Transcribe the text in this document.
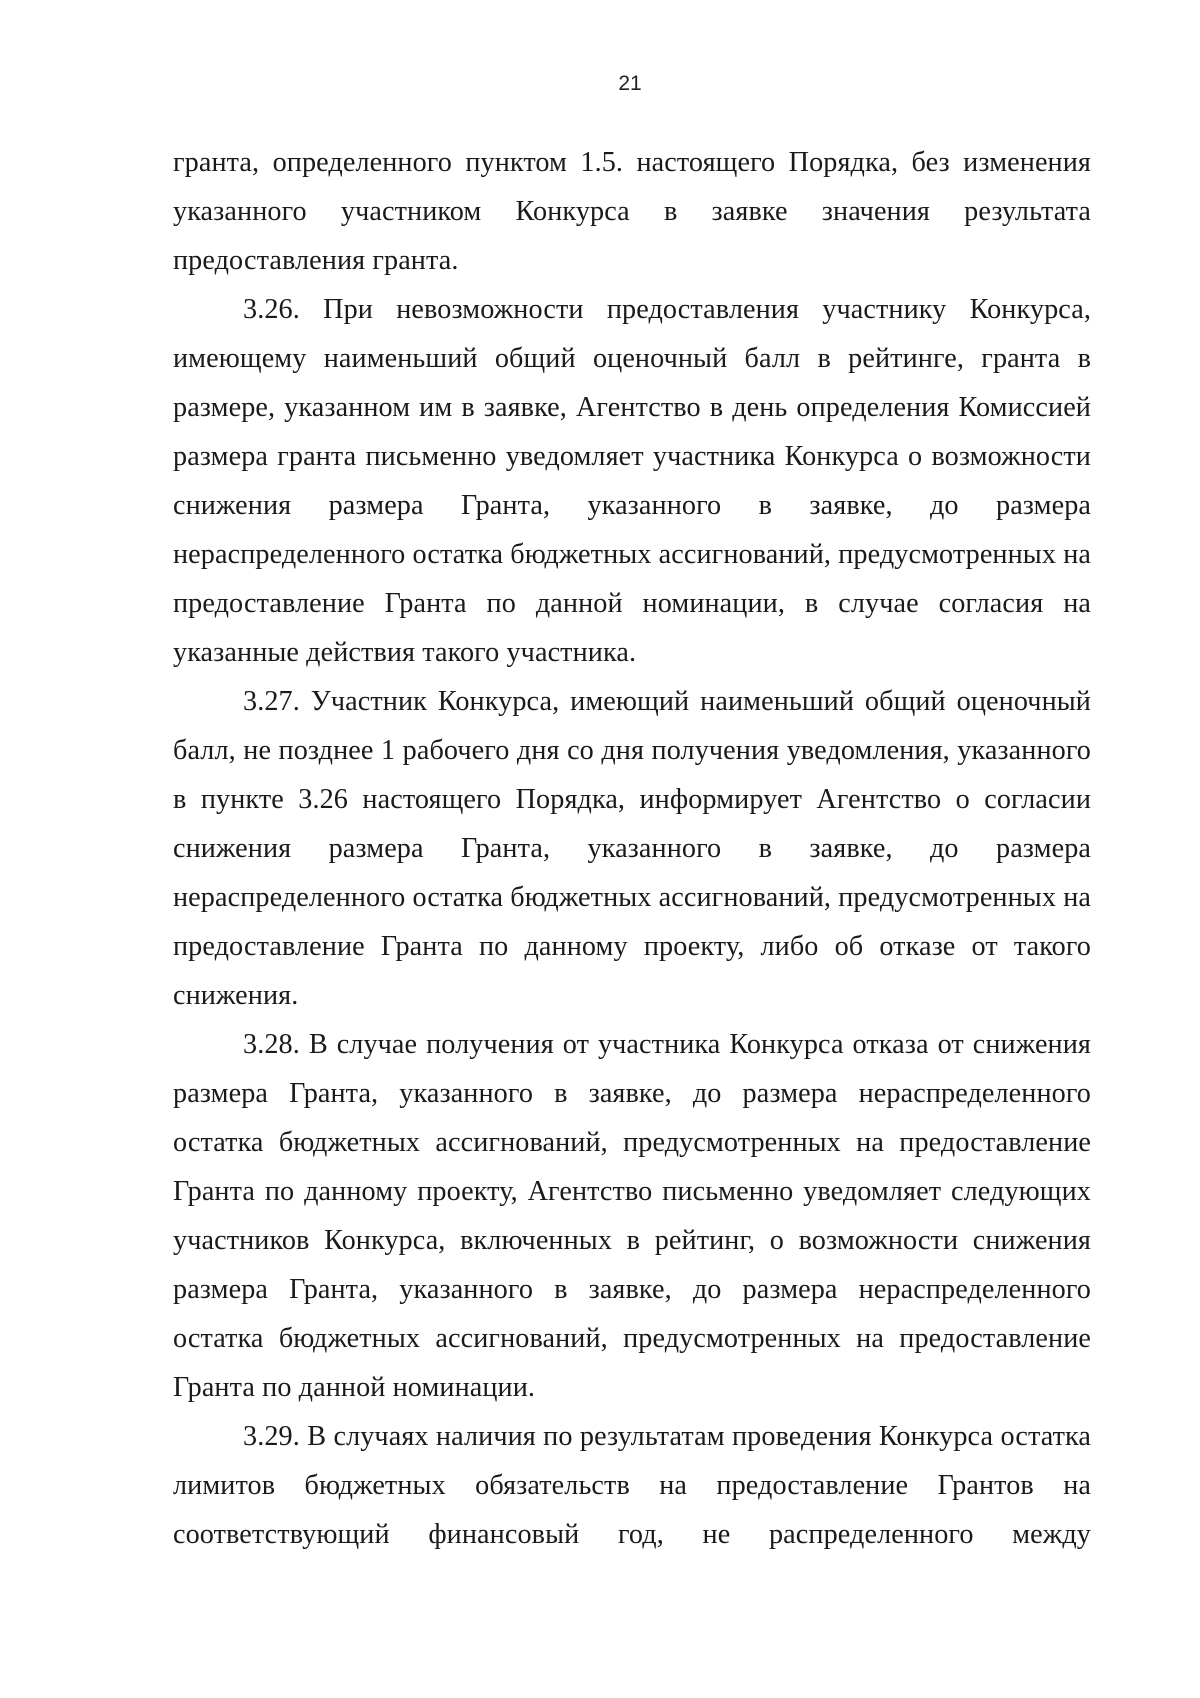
21

гранта, определенного пунктом 1.5. настоящего Порядка, без изменения указанного участником Конкурса в заявке значения результата предоставления гранта.

3.26. При невозможности предоставления участнику Конкурса, имеющему наименьший общий оценочный балл в рейтинге, гранта в размере, указанном им в заявке, Агентство в день определения Комиссией размера гранта письменно уведомляет участника Конкурса о возможности снижения размера Гранта, указанного в заявке, до размера нераспределенного остатка бюджетных ассигнований, предусмотренных на предоставление Гранта по данной номинации, в случае согласия на указанные действия такого участника.

3.27. Участник Конкурса, имеющий наименьший общий оценочный балл, не позднее 1 рабочего дня со дня получения уведомления, указанного в пункте 3.26 настоящего Порядка, информирует Агентство о согласии снижения размера Гранта, указанного в заявке, до размера нераспределенного остатка бюджетных ассигнований, предусмотренных на предоставление Гранта по данному проекту, либо об отказе от такого снижения.

3.28. В случае получения от участника Конкурса отказа от снижения размера Гранта, указанного в заявке, до размера нераспределенного остатка бюджетных ассигнований, предусмотренных на предоставление Гранта по данному проекту, Агентство письменно уведомляет следующих участников Конкурса, включенных в рейтинг, о возможности снижения размера Гранта, указанного в заявке, до размера нераспределенного остатка бюджетных ассигнований, предусмотренных на предоставление Гранта по данной номинации.

3.29. В случаях наличия по результатам проведения Конкурса остатка лимитов бюджетных обязательств на предоставление Грантов на соответствующий финансовый год, не распределенного между
